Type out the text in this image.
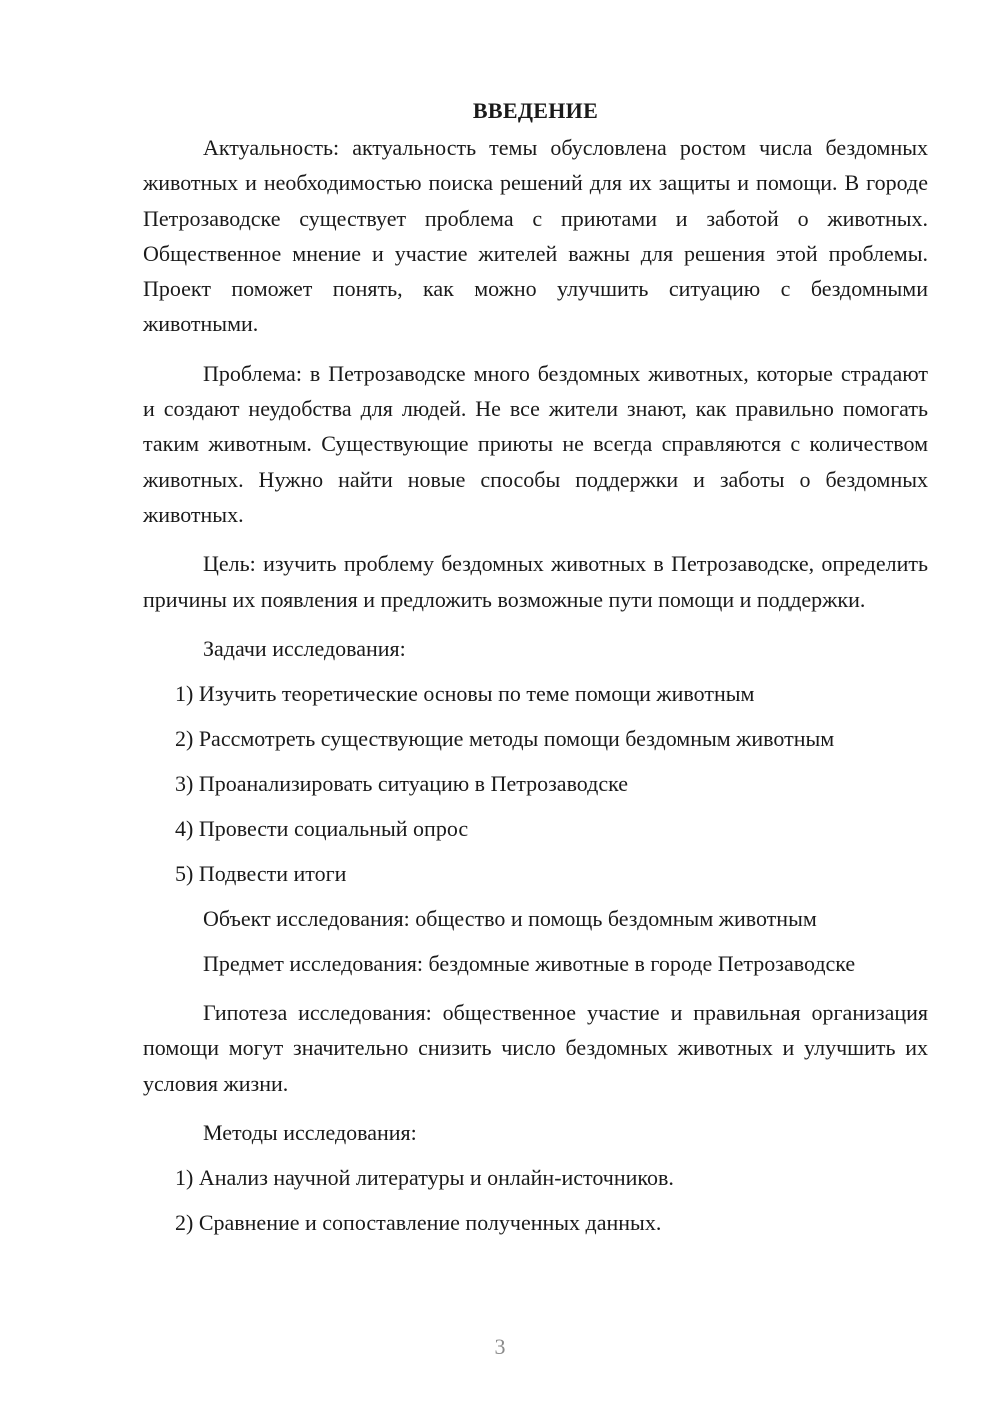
ВВЕДЕНИЕ

Актуальность: актуальность темы обусловлена ростом числа бездомных животных и необходимостью поиска решений для их защиты и помощи. В городе Петрозаводске существует проблема с приютами и заботой о животных. Общественное мнение и участие жителей важны для решения этой проблемы. Проект поможет понять, как можно улучшить ситуацию с бездомными животными.

Проблема: в Петрозаводске много бездомных животных, которые страдают и создают неудобства для людей. Не все жители знают, как правильно помогать таким животным. Существующие приюты не всегда справляются с количеством животных. Нужно найти новые способы поддержки и заботы о бездомных животных.

Цель: изучить проблему бездомных животных в Петрозаводске, определить причины их появления и предложить возможные пути помощи и поддержки.

Задачи исследования:
1) Изучить теоретические основы по теме помощи животным
2) Рассмотреть существующие методы помощи бездомным животным
3) Проанализировать ситуацию в Петрозаводске
4) Провести социальный опрос
5) Подвести итоги
Объект исследования: общество и помощь бездомным животным

Предмет исследования: бездомные животные в городе Петрозаводске

Гипотеза исследования: общественное участие и правильная организация помощи могут значительно снизить число бездомных животных и улучшить их условия жизни.

Методы исследования:
1) Анализ научной литературы и онлайн-источников.
2) Сравнение и сопоставление полученных данных.
3
